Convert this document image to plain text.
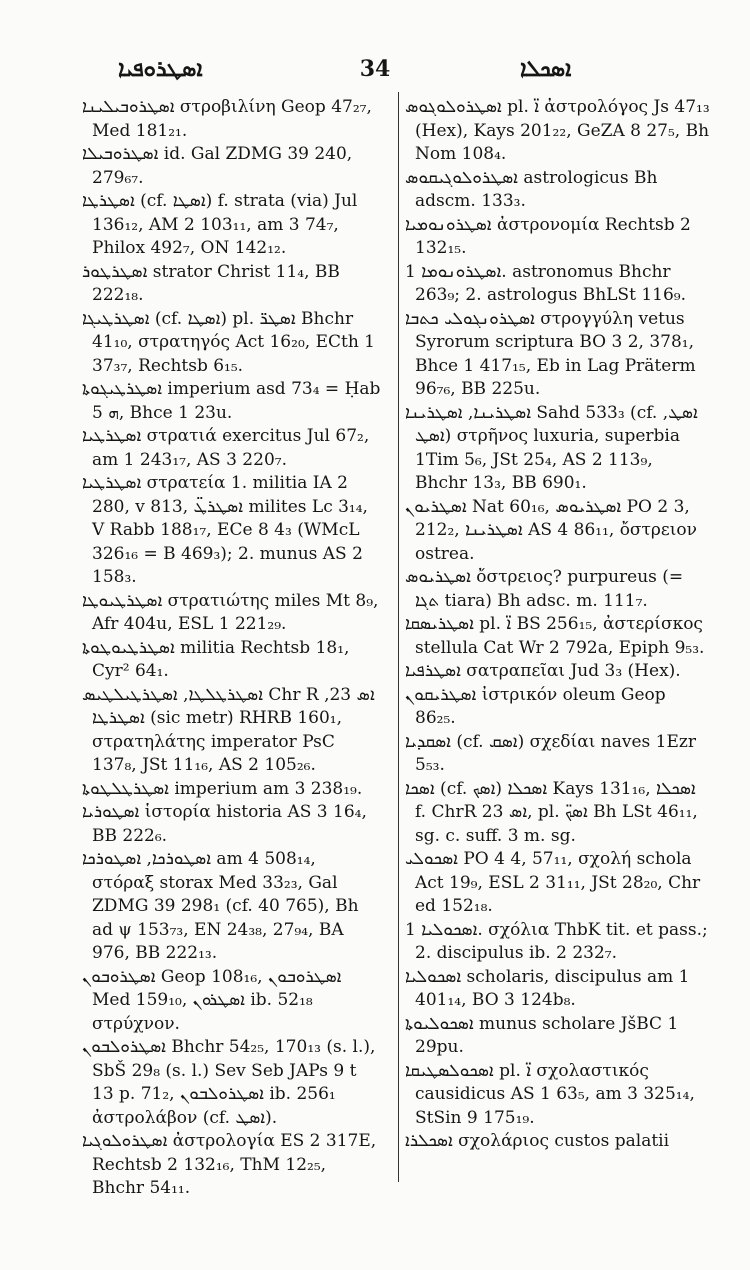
ܐܣܛܪܘܦܝܐ	34	ܐܣܟܠܐ

ܐܣܛܪܘܒܝܠܝܢܐ στροβιλίνη Geop 47₂₇, Med 181₂₁.

ܐܣܛܪܘܒܝܠܐ id. Gal ZDMG 39 240, 279₆₇.

ܐܣܛܪܛܐ (cf. ܐܣܛܐ) f. strata (via) Jul 136₁₂, AM 2 103₁₁, am 3 74₇, Philox 492₇, ON 142₁₂.

ܐܣܛܪܛܘܪ strator Christ 11₄, BB 222₁₈.

ܐܣܛܪܛܝܓܐ (cf. ܐܣܛܐ) pl. ܐܣܛܪ̈ Bhchr 41₁₀, στρατηγός Act 16₂₀, ECth 1 37₃₇, Rechtsb 6₁₅.

ܐܣܛܪܛܝܓܘܬܐ imperium asd 73₄ = Ḥab ܗ 5, Bhce 1 23u.

ܐܣܛܪܛܝܐ στρατιά exercitus Jul 67₂, am 1 243₁₇, AS 3 220₇.

ܐܣܛܪܛܝܐ στρατεία 1. militia IA 2 280, v 813, ܐܣܛܪܛ̈ milites Lc 3₁₄, V Rabb 188₁₇, ECe 8 4₃ (WMcL 326₁₆ = B 469₃); 2. munus AS 2 158₃.

ܐܣܛܪܛܝܘܛܐ στρατιώτης miles Mt 8₉, Afr 404u, ESL 1 221₂₉.

ܐܣܛܪܛܝܘܛܘܬܐ militia Rechtsb 18₁, Cyr² 64₁.

ܐܣܛܪܛܠܛܐ, ܐܣܛܪܛܝܠܛܝܣ Chr R ܐܣ 23, ܐܣܛܪܛܐ (sic metr) RHRB 160₁, στρατηλάτης imperator PsC 137₈, JSt 11₁₆, AS 2 105₂₆.

ܐܣܛܪܛܠܛܘܬܐ imperium am 3 238₁₉.

ܐܣܛܘܪܝܐ ἱστορία historia AS 3 16₄, BB 222₆.

ܐܣܛܘܪܟܐ, ܐܣܛܘܪܟܐ am 4 508₁₄, στόραξ storax Med 33₂₃, Gal ZDMG 39 298₁ (cf. 40 765), Bh ad ψ 153₇₃, EN 24₃₈, 27₉₄, BA 976, BB 222₁₃.

ܐܣܛܪܘܒܘܢ Geop 108₁₆, ܐܣܛܪܘܒܘܢ Med 159₁₀, ܐܣܛܪܘܢ ib. 52₁₈ στρύχνον.

ܐܣܛܪܘܠܒܘܢ Bhchr 54₂₅, 170₁₃ (s. l.), SbŠ 29₈ (s. l.) Sev Seb JAPs 9 t 13 p. 71₂, ܐܣܛܪܘܠܒܘܢ ib. 256₁ ἀστρολάβον (cf. ܐܣܛ).

ܐܣܛܪܘܠܘܓܝܐ ἀστρολογία ES 2 317E, Rechtsb 2 132₁₆, ThM 12₂₅, Bhchr 54₁₁.

ܐܣܛܪܘܠܘܓܘܣ pl. ܐ̈ ἀστρολόγος Js 47₁₃ (Hex), Kays 201₂₂, GeZA 8 27₅, Bh Nom 108₄.

ܐܣܛܪܘܠܘܓܝܩܘܣ astrologicus Bh adscm. 133₃.

ܐܣܛܪܘܢܘܡܝܐ ἀστρονομία Rechtsb 2 132₁₅.

ܐܣܛܪܘܢܘܡܐ 1. astronomus Bhchr 263₉; 2. astrologus BhLSt 116₉.

ܐܣܛܪܘܢܓܘܠܝ ܟܬܒܐ στρογγύλη vetus Syrorum scriptura BO 3 2, 378₁, Bhce 1 417₁₅, Eb in Lag Präterm 96₇₆, BB 225u.

ܐܣܛܪܝܢܐ, ܐܣܛܪܝܢܐ Sahd 533₃ (cf. ܐܣܛ, ܐܣܛ) στρῆνος luxuria, superbia 1Tim 5₆, JSt 25₄, AS 2 113₉, Bhchr 13₃, BB 690₁.

ܐܣܛܪܝܘܢ Nat 60₁₆, ܐܣܛܪܝܘܣ PO 2 3, 212₂, ܐܣܛܪܝܢܐ AS 4 86₁₁, ὄστρειον ostrea.

ܐܣܛܪܝܘܣ ὄστρειος? purpureus (= ܬܓܐ tiara) Bh adsc. m. 111₇.

ܐܣܛܪܝܣܩܐ pl. ܐ̈ BS 256₁₅, ἀστερίσκος stellula Cat Wr 2 792a, Epiph 9₅₃.

ܐܣܛܪܦܝܐ σατραπεῖαι Jud 3₃ (Hex).

ܐܣܛܪܝܩܘܢ ἰστρικόν oleum Geop 86₂₅.

ܐܣܩܕܝܐ (cf. ܐܣܩ) σχεδίαι naves 1Ezr 5₅₃.

ܐܣܟܐ (cf. ܐܣܟ) ܐܣܟܠܐ Kays 131₁₆, ܐܣܟܠܐ f. ChrR ܐܣ 23, pl. ܐܣܟ̈ Bh LSt 46₁₁, sg. c. suff. 3 m. sg.

ܐܣܟܘܠܝ PO 4 4, 57₁₁, σχολή schola Act 19₉, ESL 2 31₁₁, JSt 28₂₀, Chr ed 152₁₈.

ܐܣܟܘܠܝܐ 1. σχόλια ThbK tit. et pass.; 2. discipulus ib. 2 232₇.

ܐܣܟܘܠܝܐ scholaris, discipulus am 1 401₁₄, BO 3 124b₈.

ܐܣܟܘܠܝܘܬܐ munus scholare JšBC 1 29pu.

ܐܣܟܘܠܣܛܝܩܐ pl. ܐ̈ σχολαστικός causidicus AS 1 63₅, am 3 325₁₄, StSin 9 175₁₉.

ܐܣܟܠܪܐ σχολάριος custos palatii
